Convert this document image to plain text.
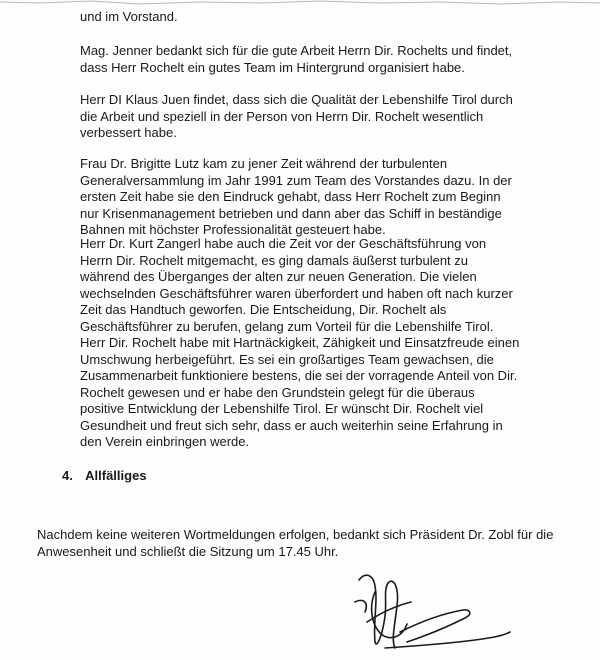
und im Vorstand.

Mag. Jenner bedankt sich für die gute Arbeit Herrn Dir. Rochelts und findet, dass Herr Rochelt ein gutes Team im Hintergrund organisiert habe.

Herr DI Klaus Juen findet, dass sich die Qualität der Lebenshilfe Tirol durch die Arbeit und speziell in der Person von Herrn Dir. Rochelt wesentlich verbessert habe.

Frau Dr. Brigitte Lutz kam zu jener Zeit während der turbulenten Generalversammlung im Jahr 1991 zum Team des Vorstandes dazu. In der ersten Zeit habe sie den Eindruck gehabt, dass Herr Rochelt zum Beginn nur Krisenmanagement betrieben und dann aber das Schiff in beständige Bahnen mit höchster Professionalität gesteuert habe.

Herr Dr. Kurt Zangerl habe auch die Zeit vor der Geschäftsführung von Herrn Dir. Rochelt mitgemacht, es ging damals äußerst turbulent zu während des Überganges der alten zur neuen Generation. Die vielen wechselnden Geschäftsführer waren überfordert und haben oft nach kurzer Zeit das Handtuch geworfen. Die Entscheidung, Dir. Rochelt als Geschäftsführer zu berufen, gelang zum Vorteil für die Lebenshilfe Tirol. Herr Dir. Rochelt habe mit Hartnäckigkeit, Zähigkeit und Einsatzfreude einen Umschwung herbeigeführt. Es sei ein großartiges Team gewachsen, die Zusammenarbeit funktioniere bestens, die sei der vorragende Anteil von Dir. Rochelt gewesen und er habe den Grundstein gelegt für die überaus positive Entwicklung der Lebenshilfe Tirol. Er wünscht Dir. Rochelt viel Gesundheit und freut sich sehr, dass er auch weiterhin seine Erfahrung in den Verein einbringen werde.

4. Allfälliges

Nachdem keine weiteren Wortmeldungen erfolgen, bedankt sich Präsident Dr. Zobl für die Anwesenheit und schließt die Sitzung um 17.45 Uhr.
